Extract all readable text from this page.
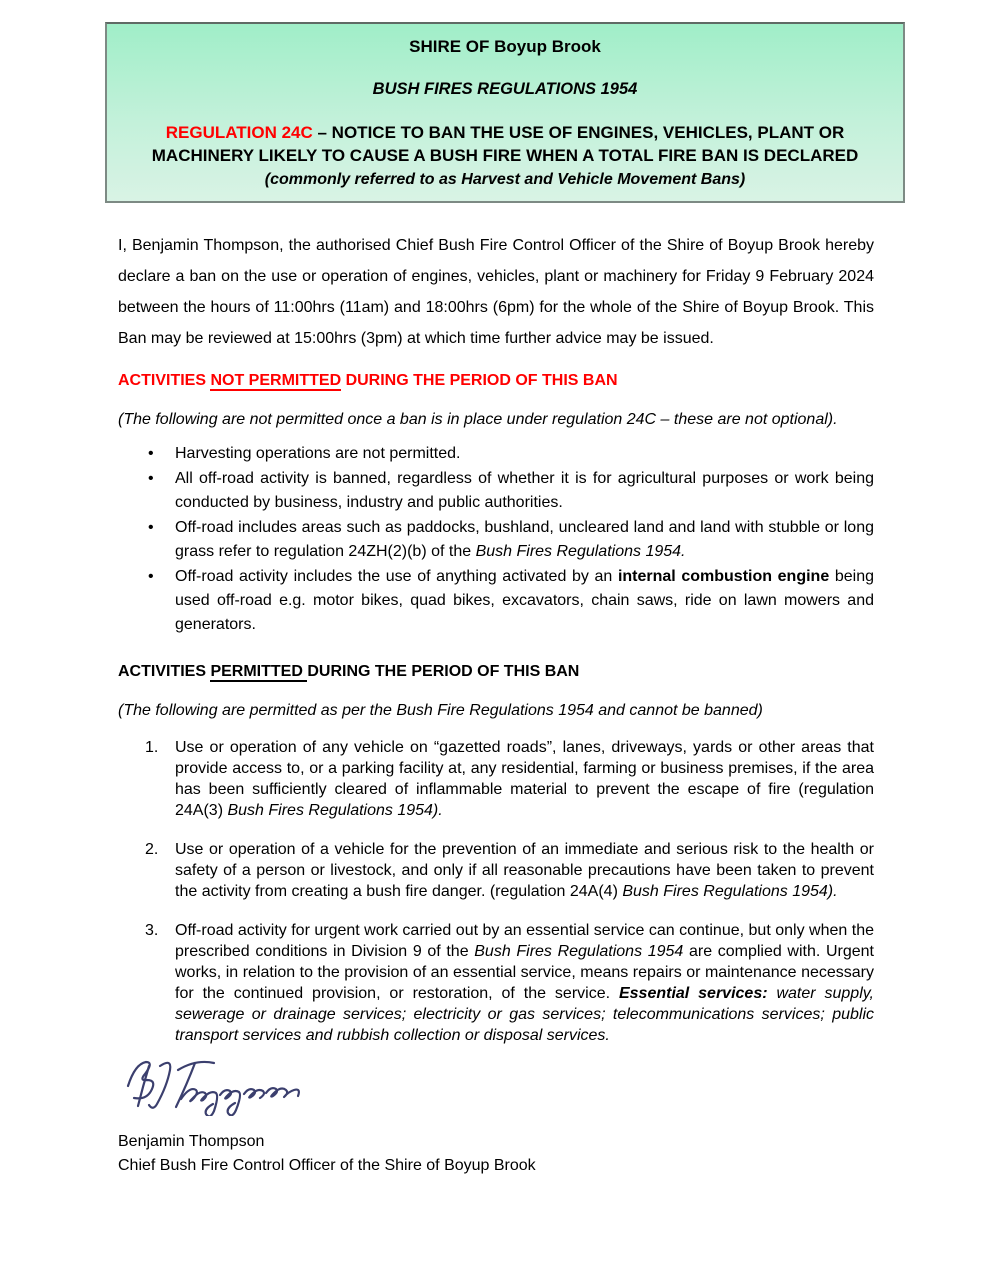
SHIRE OF Boyup Brook

BUSH FIRES REGULATIONS 1954

REGULATION 24C – NOTICE TO BAN THE USE OF ENGINES, VEHICLES, PLANT OR MACHINERY LIKELY TO CAUSE A BUSH FIRE WHEN A TOTAL FIRE BAN IS DECLARED

(commonly referred to as Harvest and Vehicle Movement Bans)

I, Benjamin Thompson, the authorised Chief Bush Fire Control Officer of the Shire of Boyup Brook hereby declare a ban on the use or operation of engines, vehicles, plant or machinery for Friday 9 February 2024 between the hours of 11:00hrs (11am) and 18:00hrs (6pm) for the whole of the Shire of Boyup Brook. This Ban may be reviewed at 15:00hrs (3pm) at which time further advice may be issued.

ACTIVITIES NOT PERMITTED DURING THE PERIOD OF THIS BAN

(The following are not permitted once a ban is in place under regulation 24C – these are not optional).

•	Harvesting operations are not permitted.
•	All off-road activity is banned, regardless of whether it is for agricultural purposes or work being conducted by business, industry and public authorities.
•	Off-road includes areas such as paddocks, bushland, uncleared land and land with stubble or long grass refer to regulation 24ZH(2)(b) of the Bush Fires Regulations 1954.
•	Off-road activity includes the use of anything activated by an internal combustion engine being used off-road e.g. motor bikes, quad bikes, excavators, chain saws, ride on lawn mowers and generators.

ACTIVITIES PERMITTED DURING THE PERIOD OF THIS BAN

(The following are permitted as per the Bush Fire Regulations 1954 and cannot be banned)

1.	Use or operation of any vehicle on “gazetted roads”, lanes, driveways, yards or other areas that provide access to, or a parking facility at, any residential, farming or business premises, if the area has been sufficiently cleared of inflammable material to prevent the escape of fire (regulation 24A(3) Bush Fires Regulations 1954).
2.	Use or operation of a vehicle for the prevention of an immediate and serious risk to the health or safety of a person or livestock, and only if all reasonable precautions have been taken to prevent the activity from creating a bush fire danger. (regulation 24A(4) Bush Fires Regulations 1954).
3.	Off-road activity for urgent work carried out by an essential service can continue, but only when the prescribed conditions in Division 9 of the Bush Fires Regulations 1954 are complied with. Urgent works, in relation to the provision of an essential service, means repairs or maintenance necessary for the continued provision, or restoration, of the service. Essential services: water supply, sewerage or drainage services; electricity or gas services; telecommunications services; public transport services and rubbish collection or disposal services.
Benjamin Thompson
Chief Bush Fire Control Officer of the Shire of Boyup Brook
